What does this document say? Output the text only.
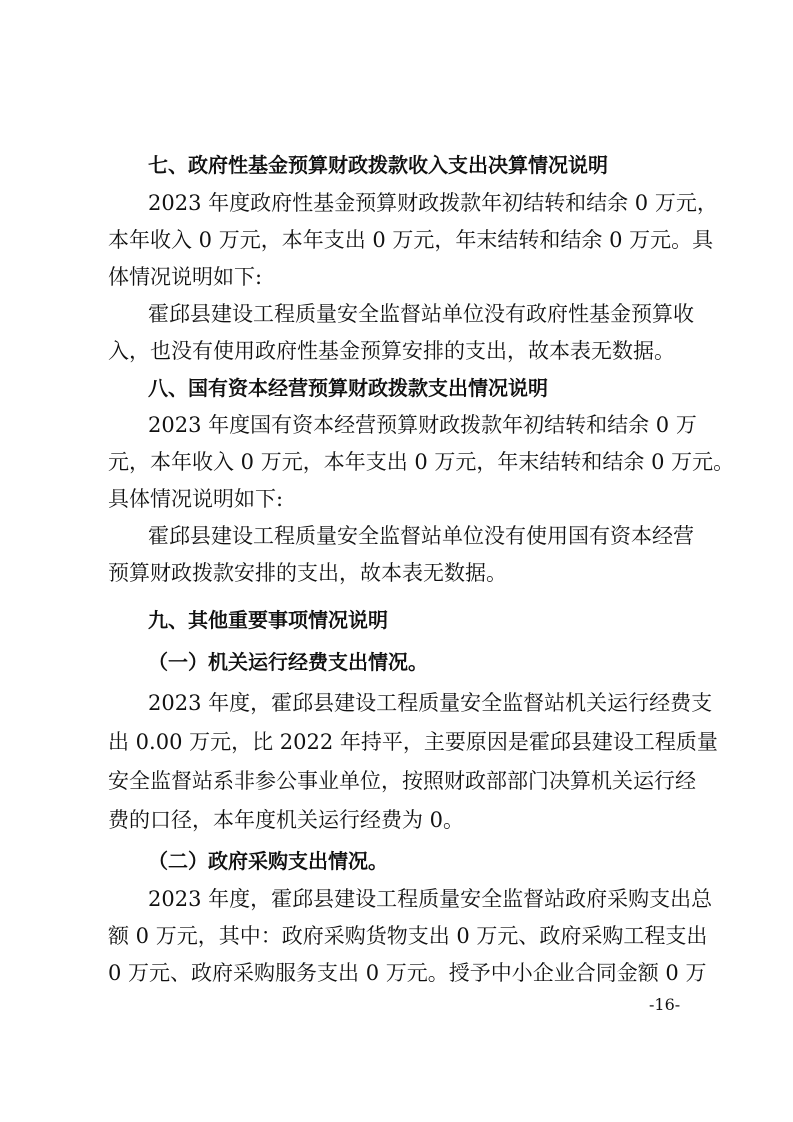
七、政府性基金预算财政拨款收入支出决算情况说明
2023 年度政府性基金预算财政拨款年初结转和结余 0 万元，
本年收入 0 万元，本年支出 0 万元，年末结转和结余 0 万元。具
体情况说明如下:
霍邱县建设工程质量安全监督站单位没有政府性基金预算收
入，也没有使用政府性基金预算安排的支出，故本表无数据。
八、国有资本经营预算财政拨款支出情况说明
2023 年度国有资本经营预算财政拨款年初结转和结余 0 万
元，本年收入 0 万元，本年支出 0 万元，年末结转和结余 0 万元。
具体情况说明如下:
霍邱县建设工程质量安全监督站单位没有使用国有资本经营
预算财政拨款安排的支出，故本表无数据。
九、其他重要事项情况说明
（一）机关运行经费支出情况。
2023 年度，霍邱县建设工程质量安全监督站机关运行经费支
出 0.00 万元，比 2022 年持平，主要原因是霍邱县建设工程质量
安全监督站系非参公事业单位，按照财政部部门决算机关运行经
费的口径，本年度机关运行经费为 0。
（二）政府采购支出情况。
2023 年度，霍邱县建设工程质量安全监督站政府采购支出总
额 0 万元，其中：政府采购货物支出 0 万元、政府采购工程支出
0 万元、政府采购服务支出 0 万元。授予中小企业合同金额 0 万
-16-
